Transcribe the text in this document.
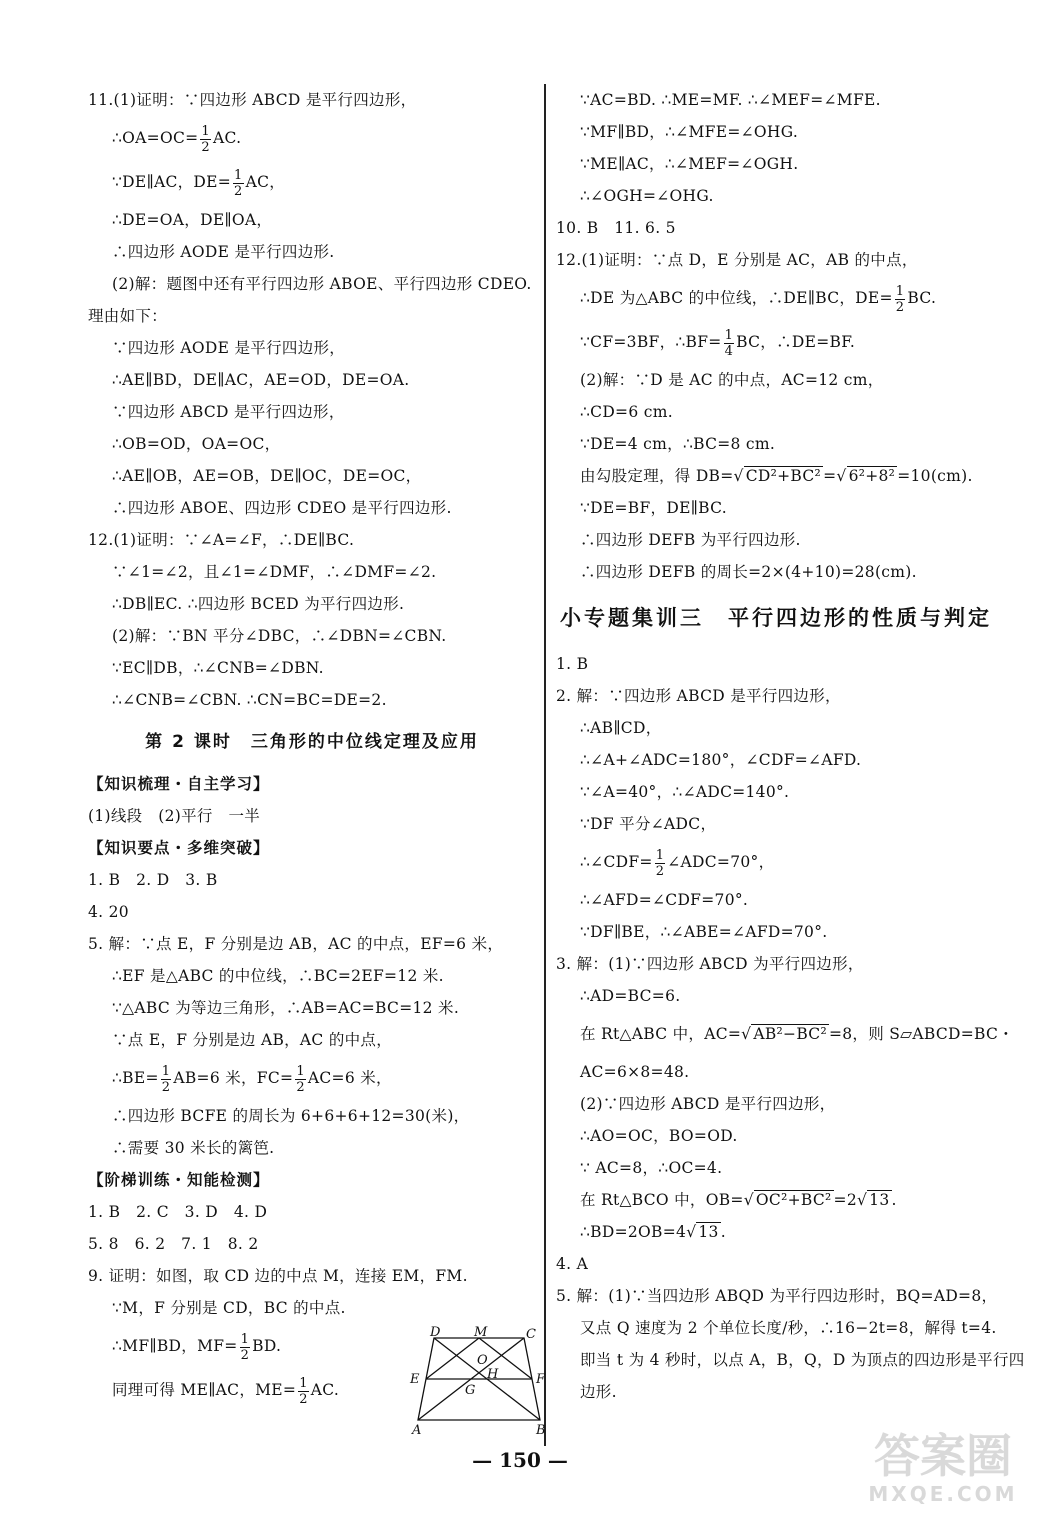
11.(1)证明：∵四边形 ABCD 是平行四边形，
∴OA=OC= $\frac{1}{2}$ AC.
∵DE∥AC，$DE= \frac{1}{2}$ AC，
∴DE=OA，DE∥OA，
∴四边形 AODE 是平行四边形.
(2)解：题图中还有平行四边形 ABOE、平行四边形 CDEO.
理由如下：
∵四边形 AODE 是平行四边形，
∴AE∥BD，DE∥AC，AE=OD，DE=OA.
∵四边形 ABCD 是平行四边形，
∴OB=OD，OA=OC，
∴AE∥OB，AE=OB，DE∥OC，DE=OC，
∴四边形 ABOE、四边形 CDEO 是平行四边形.
12.(1)证明：∵∠A=∠F，∴DE∥BC.
∵∠1=∠2，且∠1=∠DMF，∴∠DMF=∠2.
∴DB∥EC. ∴四边形 BCED 为平行四边形.
(2)解：∵BN 平分∠DBC，∴∠DBN=∠CBN.
∵EC∥DB，∴∠CNB=∠DBN.
∴∠CNB=∠CBN. ∴CN=BC=DE=2.
第 2 课时　三角形的中位线定理及应用
【知识梳理・自主学习】
(1)线段　(2)平行　一半
【知识要点・多维突破】
1. B　2. D　3. B
4. 20
5. 解：∵点 E，F 分别是边 AB，AC 的中点，EF=6 米，
∴EF 是△ABC 的中位线，∴BC=2EF=12 米.
∵△ABC 为等边三角形，∴AB=AC=BC=12 米.
∵点 E，F 分别是边 AB，AC 的中点，
∴BE= $\frac{1}{2} AB=6$ 米，$FC= \frac{1}{2} AC=6$ 米，
∴四边形 BCFE 的周长为 6+6+6+12=30(米)，
∴需要 30 米长的篱笆.
【阶梯训练・知能检测】
1. B　2. C　3. D　4. D
5. 8　6. 2　7. 1　8. 2
9. 证明：如图，取 CD 边的中点 M，连接 EM，FM.
∵M，F 分别是 CD，BC 的中点.
∴MF∥BD，$MF= \frac{1}{2}$ BD.
同理可得 ME∥AC，$ME= \frac{1}{2}$ AC.
D	M	C
E	F
O
H
G
A	B
∵AC=BD. ∴ME=MF. ∴∠MEF=∠MFE.
∵MF∥BD，∴∠MFE=∠OHG.
∵ME∥AC，∴∠MEF=∠OGH.
∴∠OGH=∠OHG.
10. B　11. 6. 5
12.(1)证明：∵点 D，E 分别是 AC，AB 的中点，
∴DE 为△ABC 的中位线，∴DE∥BC，$DE= \frac{1}{2}$ BC.
∵CF=3BF，∴BF= $\frac{1}{4}$ BC，∴DE=BF.
(2)解：∵D 是 AC 的中点，AC=12 cm，
∴CD=6 cm.
∵DE=4 cm，∴BC=8 cm.
由勾股定理，得 DB=√ CD²+BC² =√ 6²+8² =10(cm).
∵DE=BF，DE∥BC.
∴四边形 DEFB 为平行四边形.
∴四边形 DEFB 的周长=2×(4+10)=28(cm).
小专题集训三　平行四边形的性质与判定
1. B
2. 解：∵四边形 ABCD 是平行四边形，
∴AB∥CD，
∴∠A+∠ADC=180°，∠CDF=∠AFD.
∵∠A=40°，∴∠ADC=140°.
∵DF 平分∠ADC，
∴∠CDF= $\frac{1}{2}$ ∠ADC=70°，
∴∠AFD=∠CDF=70°.
∵DF∥BE，∴∠ABE=∠AFD=70°.
3. 解：(1)∵四边形 ABCD 为平行四边形，
∴AD=BC=6.
在 Rt△ABC 中，AC=√ AB²−BC² =8，则 S▱ABCD=BC・
AC=6×8=48.
(2)∵四边形 ABCD 是平行四边形，
∴AO=OC，BO=OD.
∵ AC=8，∴OC=4.
在 Rt△BCO 中，OB=√ OC²+BC² =2√ 13 .
∴BD=2OB=4√ 13 .
4. A
5. 解：(1)∵当四边形 ABQD 为平行四边形时，BQ=AD=8，
又点 Q 速度为 2 个单位长度/秒，∴16−2t=8，解得 t=4.
即当 t 为 4 秒时，以点 A，B，Q，D 为顶点的四边形是平行四
边形.
— 150 —	答案圈
MXQE.COM
